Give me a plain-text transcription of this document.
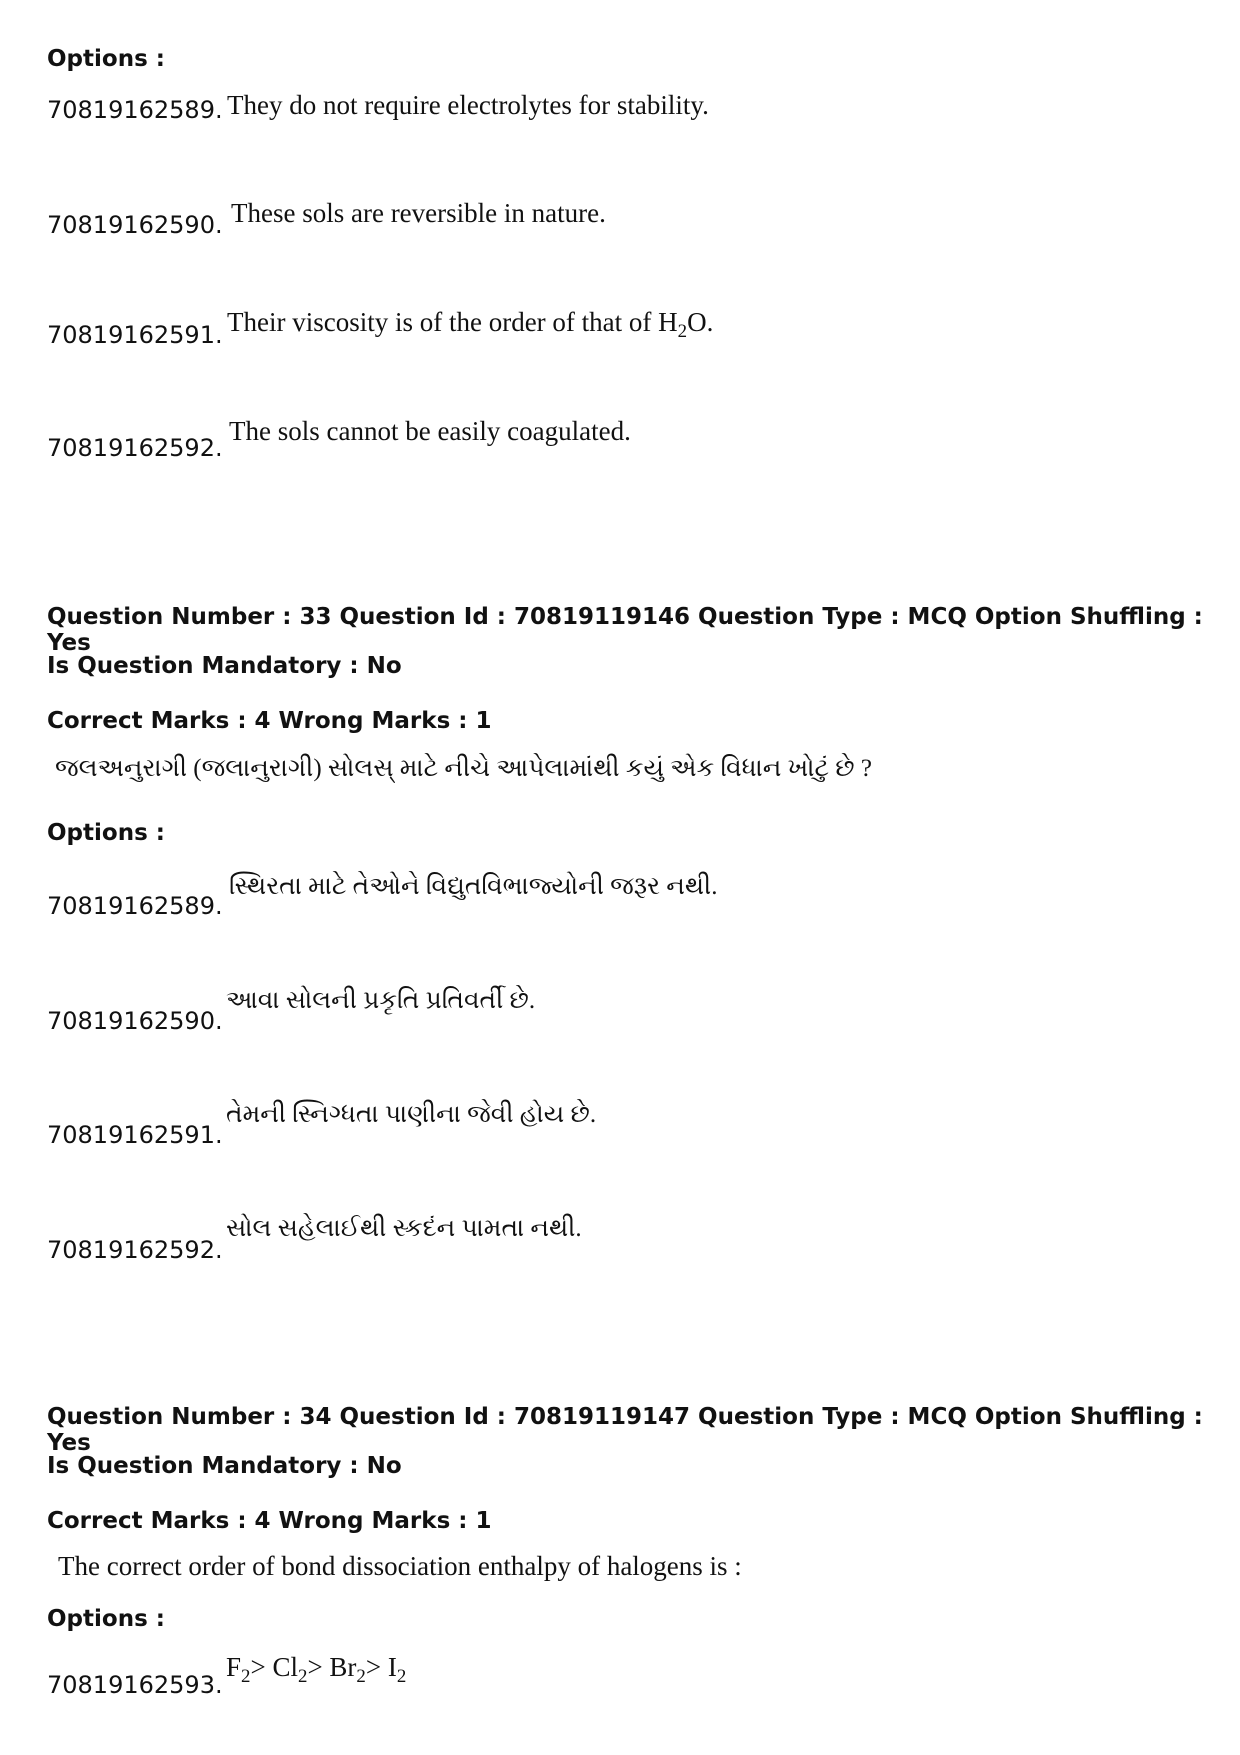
Options :
70819162589. They do not require electrolytes for stability.
70819162590. These sols are reversible in nature.
70819162591. Their viscosity is of the order of that of $H_2O$.
70819162592.
The sols cannot be easily coagulated.
Question Number : 33 Question Id : 70819119146 Question Type : MCQ Option Shuffling : Yes
Is Question Mandatory : No
Correct Marks : 4 Wrong Marks : 1
જલઅનુરાગી (જલાનુરાગી) સોલસ્ માટે નીચે આપેલામાંથી કયું એક વિધાન ખોટું છે ?
Options :
70819162589.
સ્થિરતા માટે તેઓને વિદ્યુતવિભાજ્યોની જરૂર નથી.
70819162590.
આવા સોલની પ્રકૃતિ પ્રતિવર્તી છે.
70819162591.
તેમની સ્નિગ્ધતા પાણીના જેવી હોય છે.
70819162592.
સોલ સહેલાઈથી સ્કદંન પામતા નથી.
Question Number : 34 Question Id : 70819119147 Question Type : MCQ Option Shuffling : Yes
Is Question Mandatory : No
Correct Marks : 4 Wrong Marks : 1
The correct order of bond dissociation enthalpy of halogens is :
Options :
70819162593.
$F_2> Cl_2> Br_2> I_2$
